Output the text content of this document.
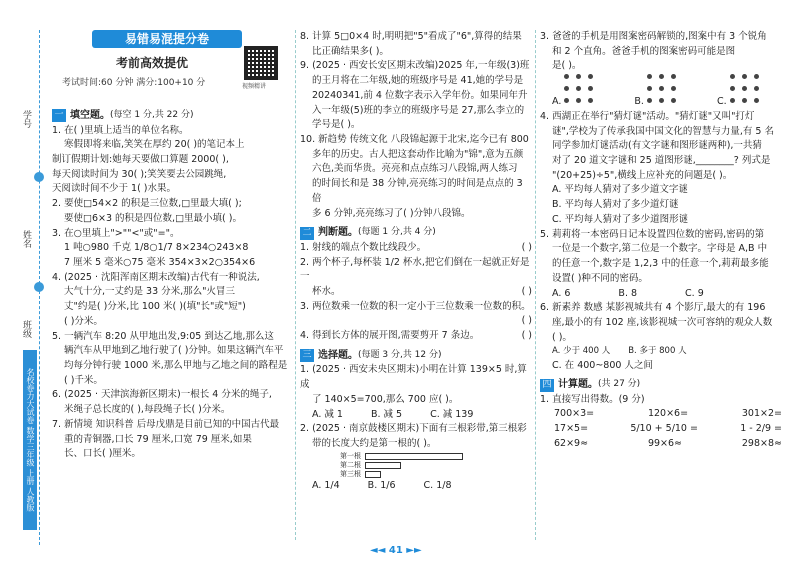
学号
姓名
班级
名校卷力大试卷 数学三年级 上册 人教版
易错易混提分卷
考前高效提优
考试时间:60 分钟 满分:100+10 分	视频精讲
一 填空题。 (每空 1 分,共 22 分)

1. 在( )里填上适当的单位名称。

寒假即将来临,笑笑在厚约 20( )的笔记本上

制订假期计划:她每天要做口算题 2000( ),

每天阅读时间为 30( );笑笑要去公园跳绳,

天阅读时间不少于 1( )水果。

2. 要使□54×2 的积是三位数,□里最大填( );

要使□6×3 的积是四位数,□里最小填( )。

3. 在○里填上">""<"或"="。

1 吨○980 千克 1/8○1/7 8×234○243×8

7 厘米 5 毫米○75 毫米 354×3×2○354×6

4. (2025 · 沈阳浑南区期末改编)古代有一种说法,

大气十分,一丈约是 33 分米,那么"火冒三

丈"约是( )分米,比 100 米( )(填"长"或"短")

( )分米。

5. 一辆汽车 8:20 从甲地出发,9:05 到达乙地,那么这

辆汽车从甲地到乙地行驶了( )分钟。如果这辆汽车平

均每分钟行驶 1000 米,那么甲地与乙地之间的路程是

( )千米。

6. (2025 · 天津滨海新区期末)一根长 4 分米的绳子,

米绳子总长度的( ),每段绳子长( )分米。

7. 新情境 知识科普 后母戊鼎是目前已知的中国古代最

重的青铜器,口长 79 厘米,口宽 79 厘米,如果

长、口长( )厘米。

8. 计算 5□0×4 时,明明把"5"看成了"6",算得的结果

比正确结果多( )。

9. (2025 · 西安长安区期末改编)2025 年,一年级(3)班

的王月将在二年级,她的班级序号是 41,她的学号是

20240341,前 4 位数字表示入学年份。如果同年升

入一年级(5)班的李立的班级序号是 27,那么李立的

学号是( )。

10. 新趋势 传统文化 八段锦起源于北宋,迄今已有 800

多年的历史。古人把这套动作比喻为"锦",意为五颜

六色,美而华贵。亮亮和点点练习八段锦,两人练习

的时间长和是 38 分钟,亮亮练习的时间是点点的 3 倍

多 6 分钟,亮亮练习了( )分钟八段锦。

二 判断题。 (每题 1 分,共 4 分)

1. 射线的端点个数比线段少。	( )

2. 两个杯子,每杯装 1/2 杯水,把它们倒在一起就正好是一

杯水。	( )

3. 两位数乘一位数的积一定小于三位数乘一位数的积。

( )

4. 得到长方体的展开图,需要剪开 7 条边。	( )

三 选择题。 (每题 3 分,共 12 分)

1. (2025 · 西安未央区期末)小明在计算 139×5 时,算成

了 140×5=700,那么 700 应( )。

A. 减 1	B. 减 5	C. 减 139

2. (2025 · 南京鼓楼区期末)下面有三根彩带,第三根彩

带的长度大约是第一根的( )。

第一根
第二根
第三根
A. 1/4	B. 1/6	C. 1/8

3. 爸爸的手机是用图案密码解锁的,图案中有 3 个锐角

和 2 个直角。爸爸手机的图案密码可能是图

是( )。

A.	B.	C.

4. 西湖正在举行"猜灯谜"活动。"猜灯谜"又叫"打灯

谜",学校为了传承我国中国文化的智慧与力量,有 5 名

同学参加灯谜活动(有文字谜和图形谜两种),一共猜

对了 20 道文字谜和 25 道图形谜,________? 列式是

"(20+25)÷5",横线上应补充的问题是( )。

A. 平均每人猜对了多少道文字谜

B. 平均每人猜对了多少道灯谜

C. 平均每人猜对了多少道图形谜

5. 莉莉将一本密码日记本设置四位数的密码,密码的第

一位是一个数字,第二位是一个数字。字母是 A,B 中

的任意一个,数字是 1,2,3 中的任意一个,莉莉最多能

设置( )种不同的密码。

A. 6	B. 8	C. 9

6. 新素养 数感 某影视城共有 4 个影厅,最大的有 196

座,最小的有 102 座,该影视城一次可容纳的观众人数

( )。

A. 少于 400 人 B. 多于 800 人

C. 在 400~800 人之间

四 计算题。 (共 27 分)

1. 直接写出得数。(9 分)

700×3=	120×6=	301×2=
17×5=	5/10 + 5/10 =	1 - 2/9 =
62×9≈	99×6≈	298×8≈
◄◄ 41 ►►
